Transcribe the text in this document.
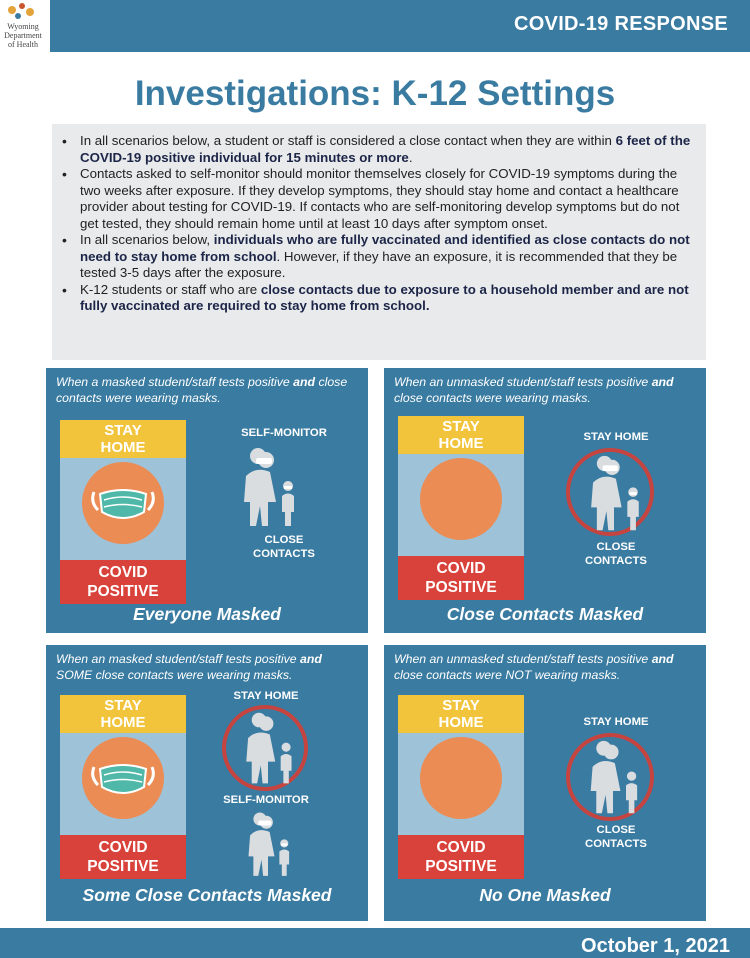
Wyoming Department of Health
COVID-19 RESPONSE
Investigations: K-12 Settings
• In all scenarios below, a student or staff is considered a close contact when they are within 6 feet of the COVID-19 positive individual for 15 minutes or more.
• Contacts asked to self-monitor should monitor themselves closely for COVID-19 symptoms during the two weeks after exposure. If they develop symptoms, they should stay home and contact a healthcare provider about testing for COVID-19. If contacts who are self-monitoring develop symptoms but do not get tested, they should remain home until at least 10 days after symptom onset.
• In all scenarios below, individuals who are fully vaccinated and identified as close contacts do not need to stay home from school. However, if they have an exposure, it is recommended that they be tested 3-5 days after the exposure.
• K-12 students or staff who are close contacts due to exposure to a household member and are not fully vaccinated are required to stay home from school.
When a masked student/staff tests positive and close contacts were wearing masks.
STAY
HOME
COVID
POSITIVE
SELF-MONITOR
CLOSE
CONTACTS
Everyone Masked
When an unmasked student/staff tests positive and close contacts were wearing masks.
STAY
HOME
COVID
POSITIVE
STAY HOME
CLOSE
CONTACTS
Close Contacts Masked
When an masked student/staff tests positive and SOME close contacts were wearing masks.
STAY
HOME
COVID
POSITIVE
STAY HOME
SELF-MONITOR
Some Close Contacts Masked
When an unmasked student/staff tests positive and close contacts were NOT wearing masks.
STAY
HOME
COVID
POSITIVE
STAY HOME
CLOSE
CONTACTS
No One Masked
October 1, 2021
